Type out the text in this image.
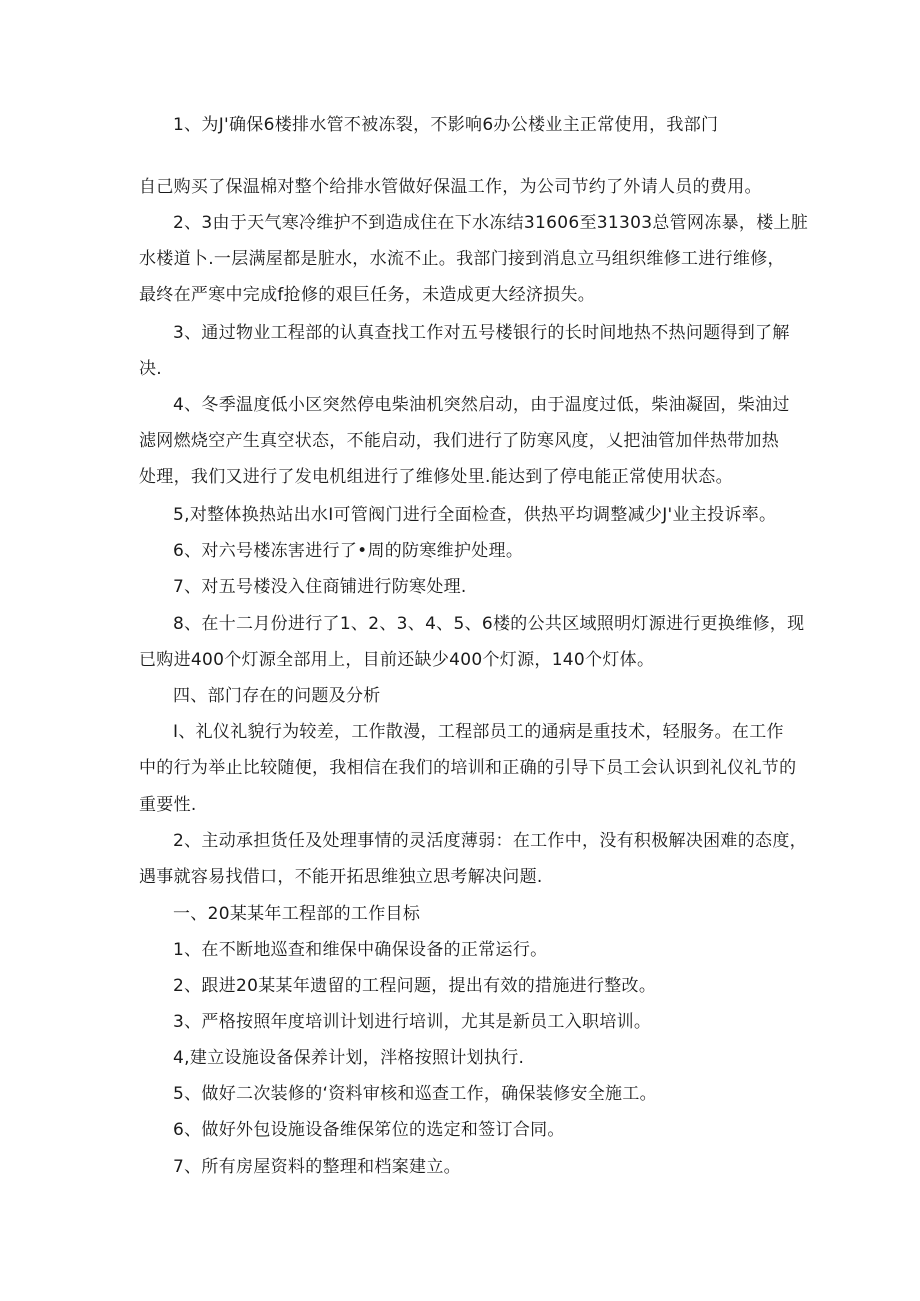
1、为J'确保6楼排水管不被冻裂，不影响6办公楼业主正常使用，我部门
自己购买了保温棉对整个给排水管做好保温工作，为公司节约了外请人员的费用。
2、3由于天气寒冷维护不到造成住在下水冻结31606至31303总管网冻暴，楼上脏
水楼道卜.一层满屋都是脏水，水流不止。我部门接到消息立马组织维修工进行维修，
最终在严寒中完成f抢修的艰巨任务，未造成更大经济损失。
3、通过物业工程部的认真查找工作对五号楼银行的长时间地热不热问题得到了解
决.
4、冬季温度低小区突然停电柴油机突然启动，由于温度过低，柴油凝固，柴油过
滤网燃烧空产生真空状态，不能启动，我们进行了防寒风度，乂把油管加伴热带加热
处理，我们又进行了发电机组进行了维修处里.能达到了停电能正常使用状态。
5,对整体换热站出水I可管阀门进行全面检查，供热平均调整减少J'业主投诉率。
6、对六号楼冻害进行了•周的防寒维护处理。
7、对五号楼没入住商铺进行防寒处理.
8、在十二月份进行了1、2、3、4、5、6楼的公共区域照明灯源进行更换维修，现
已购进400个灯源全部用上，目前还缺少400个灯源，140个灯体。
四、部门存在的问题及分析
I、礼仪礼貌行为较差，工作散漫，工程部员工的通病是重技术，轻服务。在工作
中的行为举止比较随便，我相信在我们的培训和正确的引导下员工会认识到礼仪礼节的
重要性.
2、主动承担货任及处理事情的灵活度薄弱：在工作中，没有积极解决困难的态度，
遇事就容易找借口，不能开拓思维独立思考解决问题.
一、20某某年工程部的工作目标
1、在不断地巡查和维保中确保设备的正常运行。
2、跟进20某某年遗留的工程问题，提出有效的措施进行整改。
3、严格按照年度培训计划进行培训，尤其是新员工入职培训。
4,建立设施设备保养计划，泮格按照计划执行.
5、做好二次装修的‘资料审核和巡查工作，确保装修安全施工。
6、做好外包设施设备维保笫位的选定和签订合同。
7、所有房屋资料的整理和档案建立。
